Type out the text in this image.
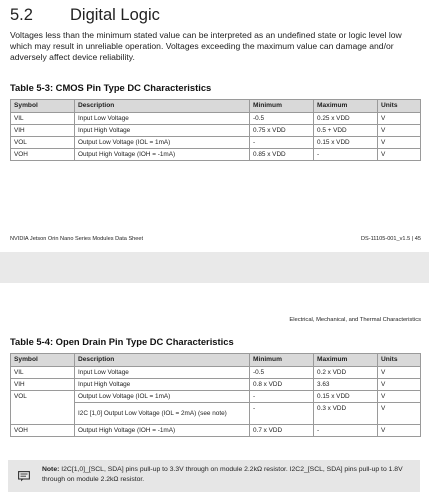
5.2 Digital Logic
Voltages less than the minimum stated value can be interpreted as an undefined state or logic level low which may result in unreliable operation. Voltages exceeding the maximum value can damage and/or adversely affect device reliability.
Table 5-3: CMOS Pin Type DC Characteristics
Symbol	Description	Minimum	Maximum	Units
VIL	Input Low Voltage	-0.5	0.25 x VDD	V
VIH	Input High Voltage	0.75 x VDD	0.5 + VDD	V
VOL	Output Low Voltage (IOL = 1mA)	-	0.15 x VDD	V
VOH	Output High Voltage (IOH = -1mA)	0.85 x VDD	-	V
NVIDIA Jetson Orin Nano Series Modules Data Sheet	DS-11105-001_v1.5 | 45
Electrical, Mechanical, and Thermal Characteristics
Table 5-4: Open Drain Pin Type DC Characteristics
Symbol	Description	Minimum	Maximum	Units
VIL	Input Low Voltage	-0.5	0.2 x VDD	V
VIH	Input High Voltage	0.8 x VDD	3.63	V
VOL	Output Low Voltage (IOL = 1mA)	-	0.15 x VDD	V
	I2C [1,0] Output Low Voltage (IOL = 2mA) (see note)	-	0.3 x VDD	V
VOH	Output High Voltage (IOH = -1mA)	0.7 x VDD	-	V
Note: I2C[1,0]_[SCL, SDA] pins pull-up to 3.3V through on module 2.2kΩ resistor. I2C2_[SCL, SDA] pins pull-up to 1.8V through on module 2.2kΩ resistor.
